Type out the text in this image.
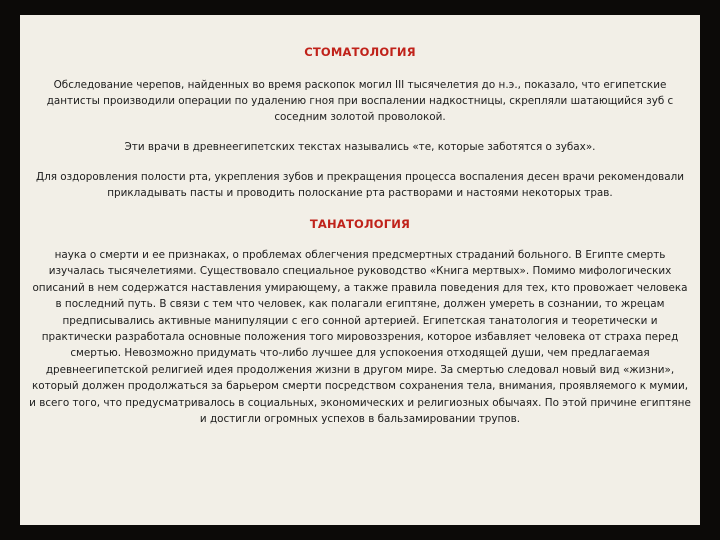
СТОМАТОЛОГИЯ

Обследование черепов, найденных во время раскопок могил III тысячелетия до н.э., показало, что египетские дантисты производили операции по удалению гноя при воспалении надкостницы, скрепляли шатающийся зуб с соседним золотой проволокой.

Эти врачи в древнеегипетских текстах назывались «те, которые заботятся о зубах».

Для оздоровления полости рта, укрепления зубов и прекращения процесса воспаления десен врачи рекомендовали прикладывать пасты и проводить полоскание рта растворами и настоями некоторых трав.

ТАНАТОЛОГИЯ

наука о смерти и ее признаках, о проблемах облегчения предсмертных страданий больного. В Египте смерть изучалась тысячелетиями. Существовало специальное руководство «Книга мертвых». Помимо мифологических описаний в нем содержатся наставления умирающему, а также правила поведения для тех, кто провожает человека в последний путь. В связи с тем что человек, как полагали египтяне, должен умереть в сознании, то жрецам предписывались активные манипуляции с его сонной артерией. Египетская танатология и теоретически и практически разработала основные положения того мировоззрения, которое избавляет человека от страха перед смертью. Невозможно придумать что-либо лучшее для успокоения отходящей души, чем предлагаемая древнеегипетской религией идея продолжения жизни в другом мире. За смертью следовал новый вид «жизни», который должен продолжаться за барьером смерти посредством сохранения тела, внимания, проявляемого к мумии, и всего того, что предусматривалось в социальных, экономических и религиозных обычаях. По этой причине египтяне и достигли огромных успехов в бальзамировании трупов.
